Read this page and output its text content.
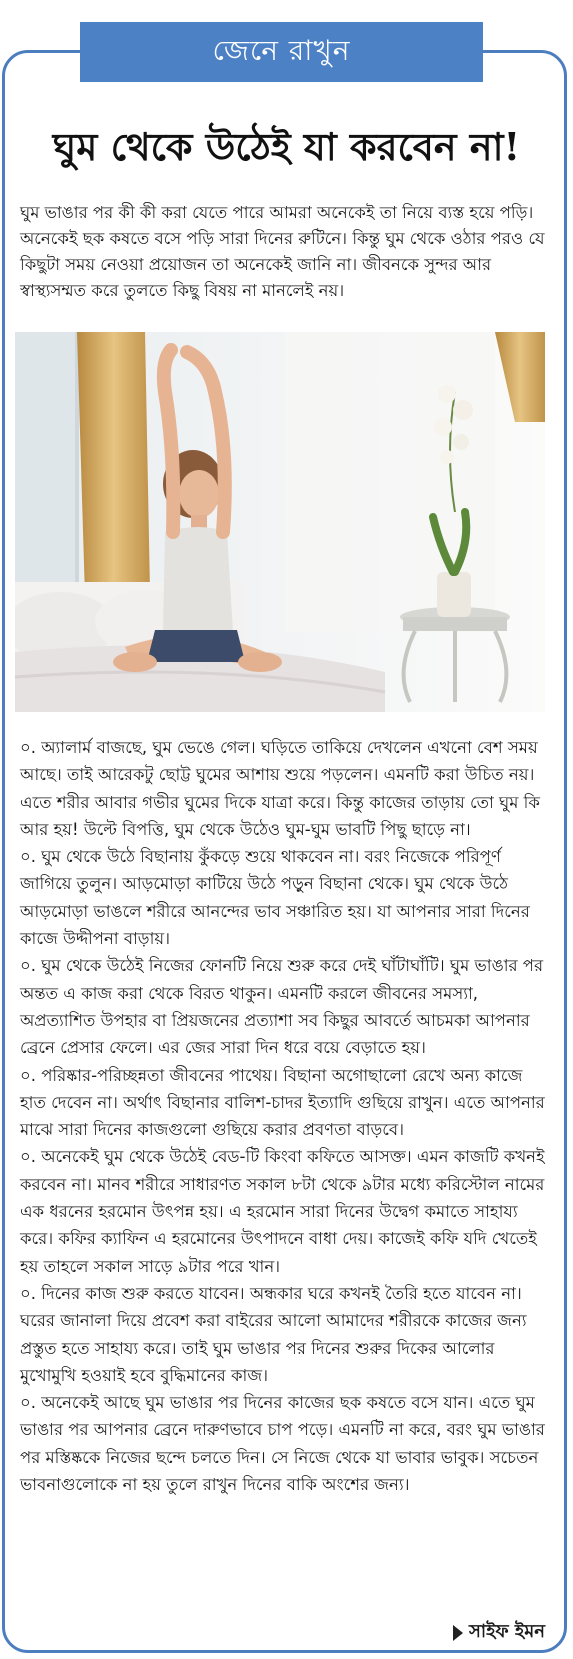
জেনে রাখুন
ঘুম থেকে উঠেই যা করবেন না!
ঘুম ভাঙার পর কী কী করা যেতে পারে আমরা অনেকেই তা নিয়ে ব্যস্ত হয়ে পড়ি। অনেকেই ছক কষতে বসে পড়ি সারা দিনের রুটিনে। কিন্তু ঘুম থেকে ওঠার পরও যে কিছুটা সময় নেওয়া প্রয়োজন তা অনেকেই জানি না। জীবনকে সুন্দর আর স্বাস্থ্যসম্মত করে তুলতে কিছু বিষয় না মানলেই নয়।

০. অ্যালার্ম বাজছে, ঘুম ভেঙে গেল। ঘড়িতে তাকিয়ে দেখলেন এখনো বেশ সময় আছে। তাই আরেকটু ছোট্ট ঘুমের আশায় শুয়ে পড়লেন। এমনটি করা উচিত নয়। এতে শরীর আবার গভীর ঘুমের দিকে যাত্রা করে। কিন্তু কাজের তাড়ায় তো ঘুম কি আর হয়! উল্টে বিপত্তি, ঘুম থেকে উঠেও ঘুম-ঘুম ভাবটি পিছু ছাড়ে না।

০. ঘুম থেকে উঠে বিছানায় কুঁকড়ে শুয়ে থাকবেন না। বরং নিজেকে পরিপূর্ণ জাগিয়ে তুলুন। আড়মোড়া কাটিয়ে উঠে পড়ুন বিছানা থেকে। ঘুম থেকে উঠে আড়মোড়া ভাঙলে শরীরে আনন্দের ভাব সঞ্চারিত হয়। যা আপনার সারা দিনের কাজে উদ্দীপনা বাড়ায়।

০. ঘুম থেকে উঠেই নিজের ফোনটি নিয়ে শুরু করে দেই ঘাঁটাঘাঁটি। ঘুম ভাঙার পর অন্তত এ কাজ করা থেকে বিরত থাকুন। এমনটি করলে জীবনের সমস্যা, অপ্রত্যাশিত উপহার বা প্রিয়জনের প্রত্যাশা সব কিছুর আবর্তে আচমকা আপনার ব্রেনে প্রেসার ফেলে। এর জের সারা দিন ধরে বয়ে বেড়াতে হয়।

০. পরিষ্কার-পরিচ্ছন্নতা জীবনের পাথেয়। বিছানা অগোছালো রেখে অন্য কাজে হাত দেবেন না। অর্থাৎ বিছানার বালিশ-চাদর ইত্যাদি গুছিয়ে রাখুন। এতে আপনার মাঝে সারা দিনের কাজগুলো গুছিয়ে করার প্রবণতা বাড়বে।

০. অনেকেই ঘুম থেকে উঠেই বেড-টি কিংবা কফিতে আসক্ত। এমন কাজটি কখনই করবেন না। মানব শরীরে সাধারণত সকাল ৮টা থেকে ৯টার মধ্যে করিস্টোল নামের এক ধরনের হরমোন উৎপন্ন হয়। এ হরমোন সারা দিনের উদ্বেগ কমাতে সাহায্য করে। কফির ক্যাফিন এ হরমোনের উৎপাদনে বাধা দেয়। কাজেই কফি যদি খেতেই হয় তাহলে সকাল সাড়ে ৯টার পরে খান।

০. দিনের কাজ শুরু করতে যাবেন। অন্ধকার ঘরে কখনই তৈরি হতে যাবেন না। ঘরের জানালা দিয়ে প্রবেশ করা বাইরের আলো আমাদের শরীরকে কাজের জন্য প্রস্তুত হতে সাহায্য করে। তাই ঘুম ভাঙার পর দিনের শুরুর দিকের আলোর মুখোমুখি হওয়াই হবে বুদ্ধিমানের কাজ।

০. অনেকেই আছে ঘুম ভাঙার পর দিনের কাজের ছক কষতে বসে যান। এতে ঘুম ভাঙার পর আপনার ব্রেনে দারুণভাবে চাপ পড়ে। এমনটি না করে, বরং ঘুম ভাঙার পর মস্তিষ্ককে নিজের ছন্দে চলতে দিন। সে নিজে থেকে যা ভাবার ভাবুক। সচেতন ভাবনাগুলোকে না হয় তুলে রাখুন দিনের বাকি অংশের জন্য।

সাইফ ইমন
